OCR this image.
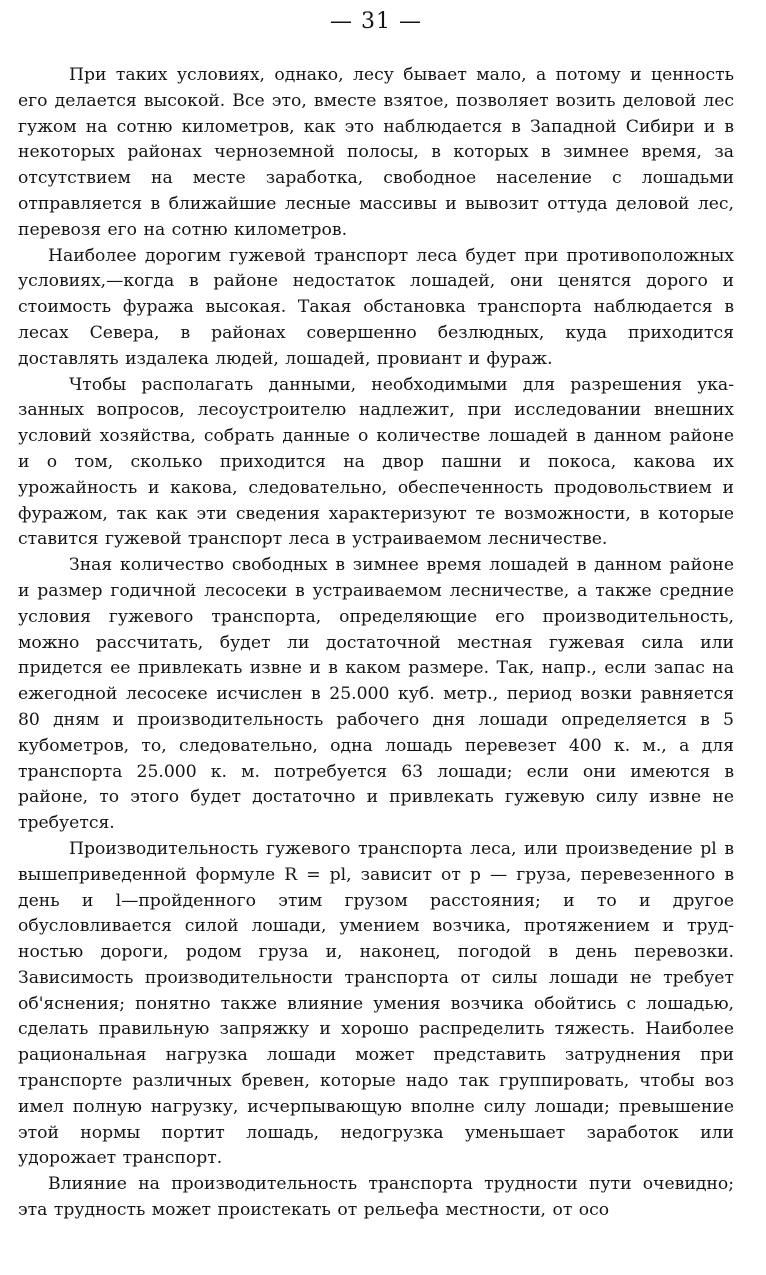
— 31 —

При таких условиях, однако, лесу бывает мало, а потому и ценность его делается высокой. Все это, вместе взятое, позволяет возить деловой лес гужом на сотню километров, как это наблюдается в Западной Сибири и в некоторых районах черноземной полосы, в которых в зимнее время, за отсутствием на месте заработка, свободное население с лошадьми отправляется в ближайшие лесные массивы и вывозит оттуда деловой лес, перевозя его на сотню километров.

Наиболее дорогим гужевой транспорт леса будет при противоположных условиях,—когда в районе недостаток лошадей, они ценятся дорого и стоимость фуража высокая. Такая обстановка транспорта наблюдается в лесах Севера, в районах совершенно безлюдных, куда приходится доставлять издалека людей, лошадей, провиант и фураж.

Чтобы располагать данными, необходимыми для разрешения указанных вопросов, лесоустроителю надлежит, при исследовании внешних условий хозяйства, собрать данные о количестве лошадей в данном районе и о том, сколько приходится на двор пашни и покоса, какова их урожайность и какова, следовательно, обеспеченность продовольствием и фуражом, так как эти сведения характеризуют те возможности, в которые ставится гужевой транспорт леса в устраиваемом лесничестве.

Зная количество свободных в зимнее время лошадей в данном районе и размер годичной лесосеки в устраиваемом лесничестве, а также средние условия гужевого транспорта, определяющие его производительность, можно рассчитать, будет ли достаточной местная гужевая сила или придется ее привлекать извне и в каком размере. Так, напр., если запас на ежегодной лесосеке исчислен в 25.000 куб. метр., период возки равняется 80 дням и производительность рабочего дня лошади определяется в 5 кубометров, то, следовательно, одна лошадь перевезет 400 к. м., а для транспорта 25.000 к. м. потребуется 63 лошади; если они имеются в районе, то этого будет достаточно и привлекать гужевую силу извне не требуется.

Производительность гужевого транспорта леса, или произведение pl в вышеприведенной формуле R = pl, зависит от p — груза, перевезенного в день и l—пройденного этим грузом расстояния; и то и другое обусловливается силой лошади, умением возчика, протяжением и трудностью дороги, родом груза и, наконец, погодой в день перевозки. Зависимость производительности транспорта от силы лошади не требует об'яснения; понятно также влияние умения возчика обойтись с лошадью, сделать правильную запряжку и хорошо распределить тяжесть. Наиболее рациональная нагрузка лошади может представить затруднения при транспорте различных бревен, которые надо так группировать, чтобы воз имел полную нагрузку, исчерпывающую вполне силу лошади; превышение этой нормы портит лошадь, недогрузка уменьшает заработок или удорожает транспорт.

Влияние на производительность транспорта трудности пути очевидно; эта трудность может проистекать от рельефа местности, от осо
